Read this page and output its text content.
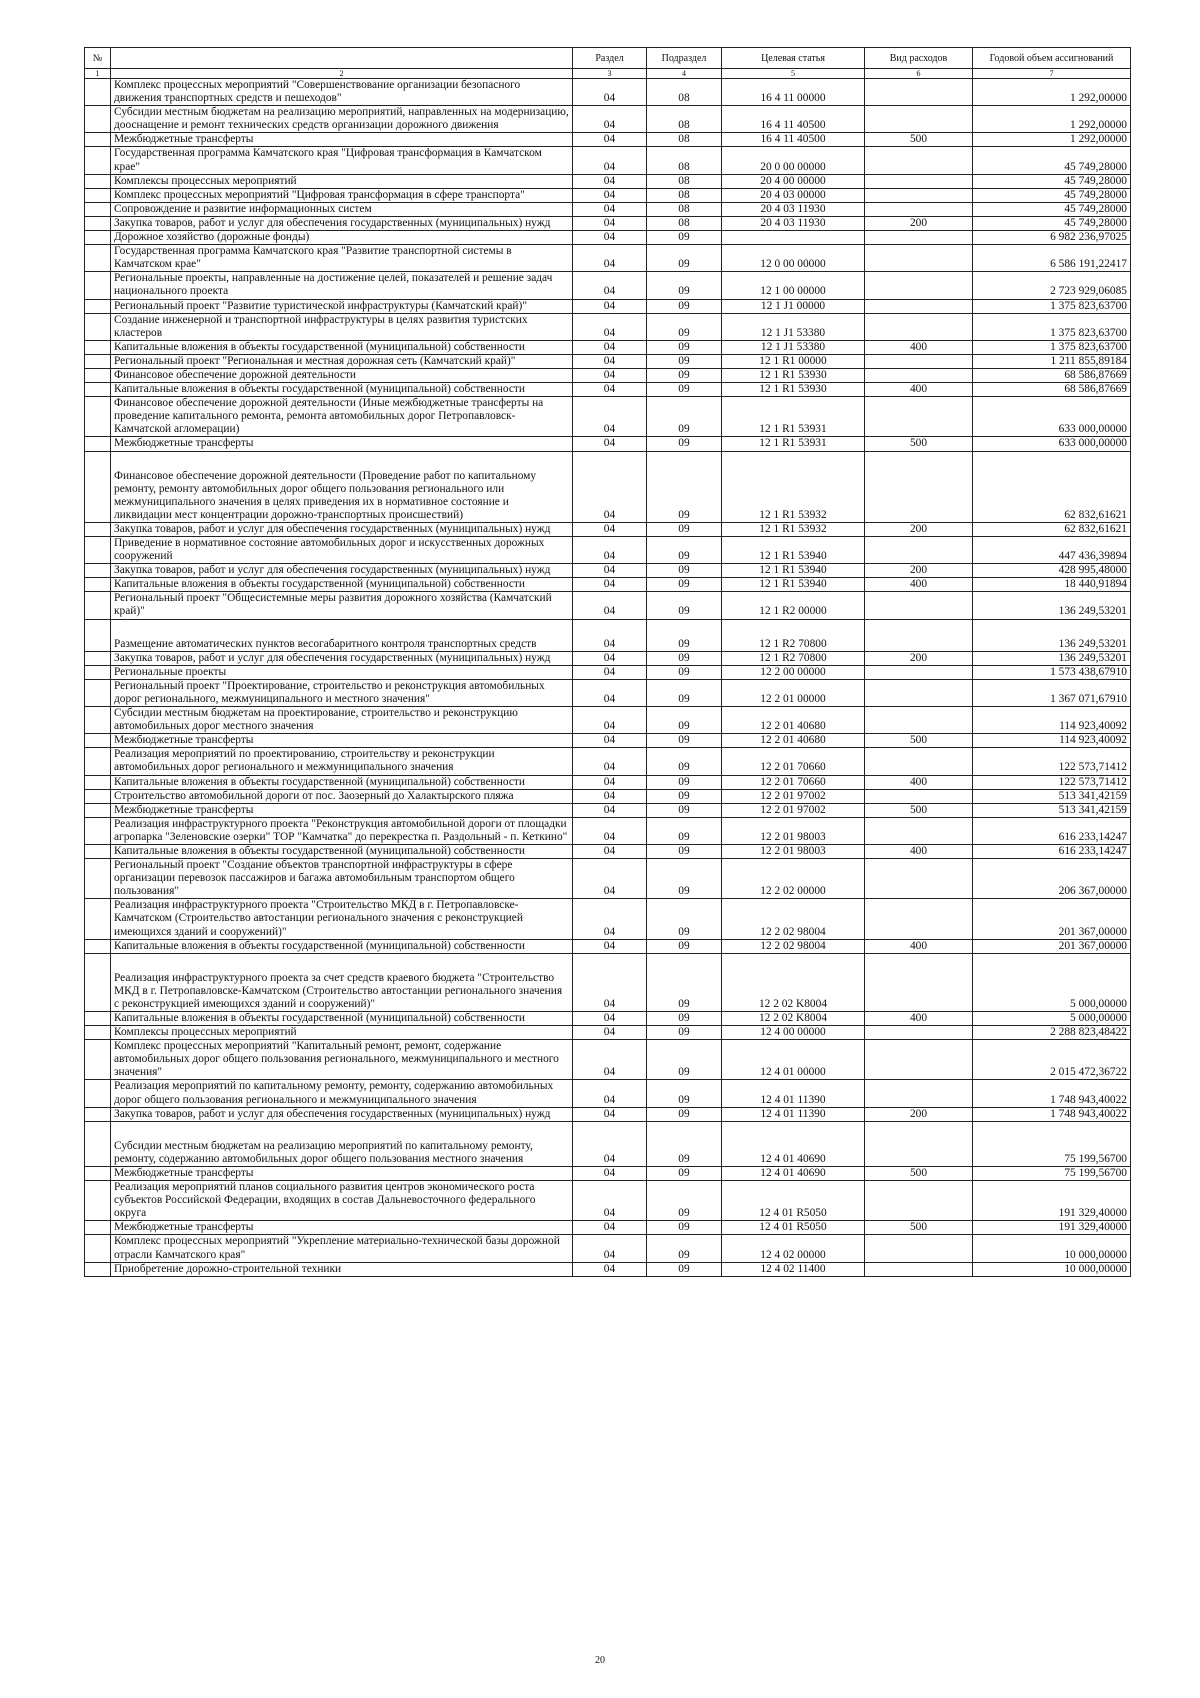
№		Раздел	Подраздел	Целевая статья	Вид расходов	Годовой объем ассигнований
1	2	3	4	5	6	7
	Комплекс процессных мероприятий "Совершенствование организации безопасного движения транспортных средств и пешеходов"	04	08	16 4 11 00000		1 292,00000
	Субсидии местным бюджетам на реализацию мероприятий, направленных на модернизацию, дооснащение и ремонт технических средств организации дорожного движения	04	08	16 4 11 40500		1 292,00000
	Межбюджетные трансферты	04	08	16 4 11 40500	500	1 292,00000
	Государственная программа Камчатского края "Цифровая трансформация в Камчатском крае"	04	08	20 0 00 00000		45 749,28000
	Комплексы процессных мероприятий	04	08	20 4 00 00000		45 749,28000
	Комплекс процессных мероприятий "Цифровая трансформация в сфере транспорта"	04	08	20 4 03 00000		45 749,28000
	Сопровождение и развитие информационных систем	04	08	20 4 03 11930		45 749,28000
	Закупка товаров, работ и услуг для обеспечения государственных (муниципальных) нужд	04	08	20 4 03 11930	200	45 749,28000
	Дорожное хозяйство (дорожные фонды)	04	09			6 982 236,97025
	Государственная программа Камчатского края "Развитие транспортной системы в Камчатском крае"	04	09	12 0 00 00000		6 586 191,22417
	Региональные проекты, направленные на достижение целей, показателей и решение задач национального проекта	04	09	12 1 00 00000		2 723 929,06085
	Региональный проект "Развитие туристической инфраструктуры (Камчатский край)"	04	09	12 1 J1 00000		1 375 823,63700
	Создание инженерной и транспортной инфраструктуры в целях развития туристских кластеров	04	09	12 1 J1 53380		1 375 823,63700
	Капитальные вложения в объекты государственной (муниципальной) собственности	04	09	12 1 J1 53380	400	1 375 823,63700
	Региональный проект "Региональная и местная дорожная сеть (Камчатский край)"	04	09	12 1 R1 00000		1 211 855,89184
	Финансовое обеспечение дорожной деятельности	04	09	12 1 R1 53930		68 586,87669
	Капитальные вложения в объекты государственной (муниципальной) собственности	04	09	12 1 R1 53930	400	68 586,87669
	Финансовое обеспечение дорожной деятельности (Иные межбюджетные трансферты на проведение капитального ремонта, ремонта автомобильных дорог Петропавловск-Камчатской агломерации)	04	09	12 1 R1 53931		633 000,00000
	Межбюджетные трансферты	04	09	12 1 R1 53931	500	633 000,00000
	Финансовое обеспечение дорожной деятельности (Проведение работ по капитальному ремонту, ремонту автомобильных дорог общего пользования регионального или межмуниципального значения в целях приведения их в нормативное состояние и ликвидации мест концентрации дорожно-транспортных происшествий)	04	09	12 1 R1 53932		62 832,61621
	Закупка товаров, работ и услуг для обеспечения государственных (муниципальных) нужд	04	09	12 1 R1 53932	200	62 832,61621
	Приведение в нормативное состояние автомобильных дорог и искусственных дорожных сооружений	04	09	12 1 R1 53940		447 436,39894
	Закупка товаров, работ и услуг для обеспечения государственных (муниципальных) нужд	04	09	12 1 R1 53940	200	428 995,48000
	Капитальные вложения в объекты государственной (муниципальной) собственности	04	09	12 1 R1 53940	400	18 440,91894
	Региональный проект "Общесистемные меры развития дорожного хозяйства (Камчатский край)"	04	09	12 1 R2 00000		136 249,53201
	Размещение автоматических пунктов весогабаритного контроля транспортных средств	04	09	12 1 R2 70800		136 249,53201
	Закупка товаров, работ и услуг для обеспечения государственных (муниципальных) нужд	04	09	12 1 R2 70800	200	136 249,53201
	Региональные проекты	04	09	12 2 00 00000		1 573 438,67910
	Региональный проект "Проектирование, строительство и реконструкция автомобильных дорог регионального, межмуниципального и местного значения"	04	09	12 2 01 00000		1 367 071,67910
	Субсидии местным бюджетам на проектирование, строительство и реконструкцию автомобильных дорог местного значения	04	09	12 2 01 40680		114 923,40092
	Межбюджетные трансферты	04	09	12 2 01 40680	500	114 923,40092
	Реализация мероприятий по проектированию, строительству и реконструкции автомобильных дорог регионального и межмуниципального значения	04	09	12 2 01 70660		122 573,71412
	Капитальные вложения в объекты государственной (муниципальной) собственности	04	09	12 2 01 70660	400	122 573,71412
	Строительство автомобильной дороги от пос. Заозерный до Халактырского пляжа	04	09	12 2 01 97002		513 341,42159
	Межбюджетные трансферты	04	09	12 2 01 97002	500	513 341,42159
	Реализация инфраструктурного проекта "Реконструкция автомобильной дороги от площадки агропарка "Зеленовские озерки" ТОР "Камчатка" до перекрестка п. Раздольный - п. Кеткино"	04	09	12 2 01 98003		616 233,14247
	Капитальные вложения в объекты государственной (муниципальной) собственности	04	09	12 2 01 98003	400	616 233,14247
	Региональный проект "Создание объектов транспортной инфраструктуры в сфере организации перевозок пассажиров и багажа автомобильным транспортом общего пользования"	04	09	12 2 02 00000		206 367,00000
	Реализация инфраструктурного проекта "Строительство МКД в г. Петропавловске-Камчатском (Строительство автостанции регионального значения с реконструкцией имеющихся зданий и сооружений)"	04	09	12 2 02 98004		201 367,00000
	Капитальные вложения в объекты государственной (муниципальной) собственности	04	09	12 2 02 98004	400	201 367,00000
	Реализация инфраструктурного проекта за счет средств краевого бюджета "Строительство МКД в г. Петропавловске-Камчатском (Строительство автостанции регионального значения с реконструкцией имеющихся зданий и сооружений)"	04	09	12 2 02 K8004		5 000,00000
	Капитальные вложения в объекты государственной (муниципальной) собственности	04	09	12 2 02 K8004	400	5 000,00000
	Комплексы процессных мероприятий	04	09	12 4 00 00000		2 288 823,48422
	Комплекс процессных мероприятий "Капитальный ремонт, ремонт, содержание автомобильных дорог общего пользования регионального, межмуниципального и местного значения"	04	09	12 4 01 00000		2 015 472,36722
	Реализация мероприятий по капитальному ремонту, ремонту, содержанию автомобильных дорог общего пользования регионального и межмуниципального значения	04	09	12 4 01 11390		1 748 943,40022
	Закупка товаров, работ и услуг для обеспечения государственных (муниципальных) нужд	04	09	12 4 01 11390	200	1 748 943,40022
	Субсидии местным бюджетам на реализацию мероприятий по капитальному ремонту, ремонту, содержанию автомобильных дорог общего пользования местного значения	04	09	12 4 01 40690		75 199,56700
	Межбюджетные трансферты	04	09	12 4 01 40690	500	75 199,56700
	Реализация мероприятий планов социального развития центров экономического роста субъектов Российской Федерации, входящих в состав Дальневосточного федерального округа	04	09	12 4 01 R5050		191 329,40000
	Межбюджетные трансферты	04	09	12 4 01 R5050	500	191 329,40000
	Комплекс процессных мероприятий "Укрепление материально-технической базы дорожной отрасли Камчатского края"	04	09	12 4 02 00000		10 000,00000
	Приобретение дорожно-строительной техники	04	09	12 4 02 11400		10 000,00000
20
